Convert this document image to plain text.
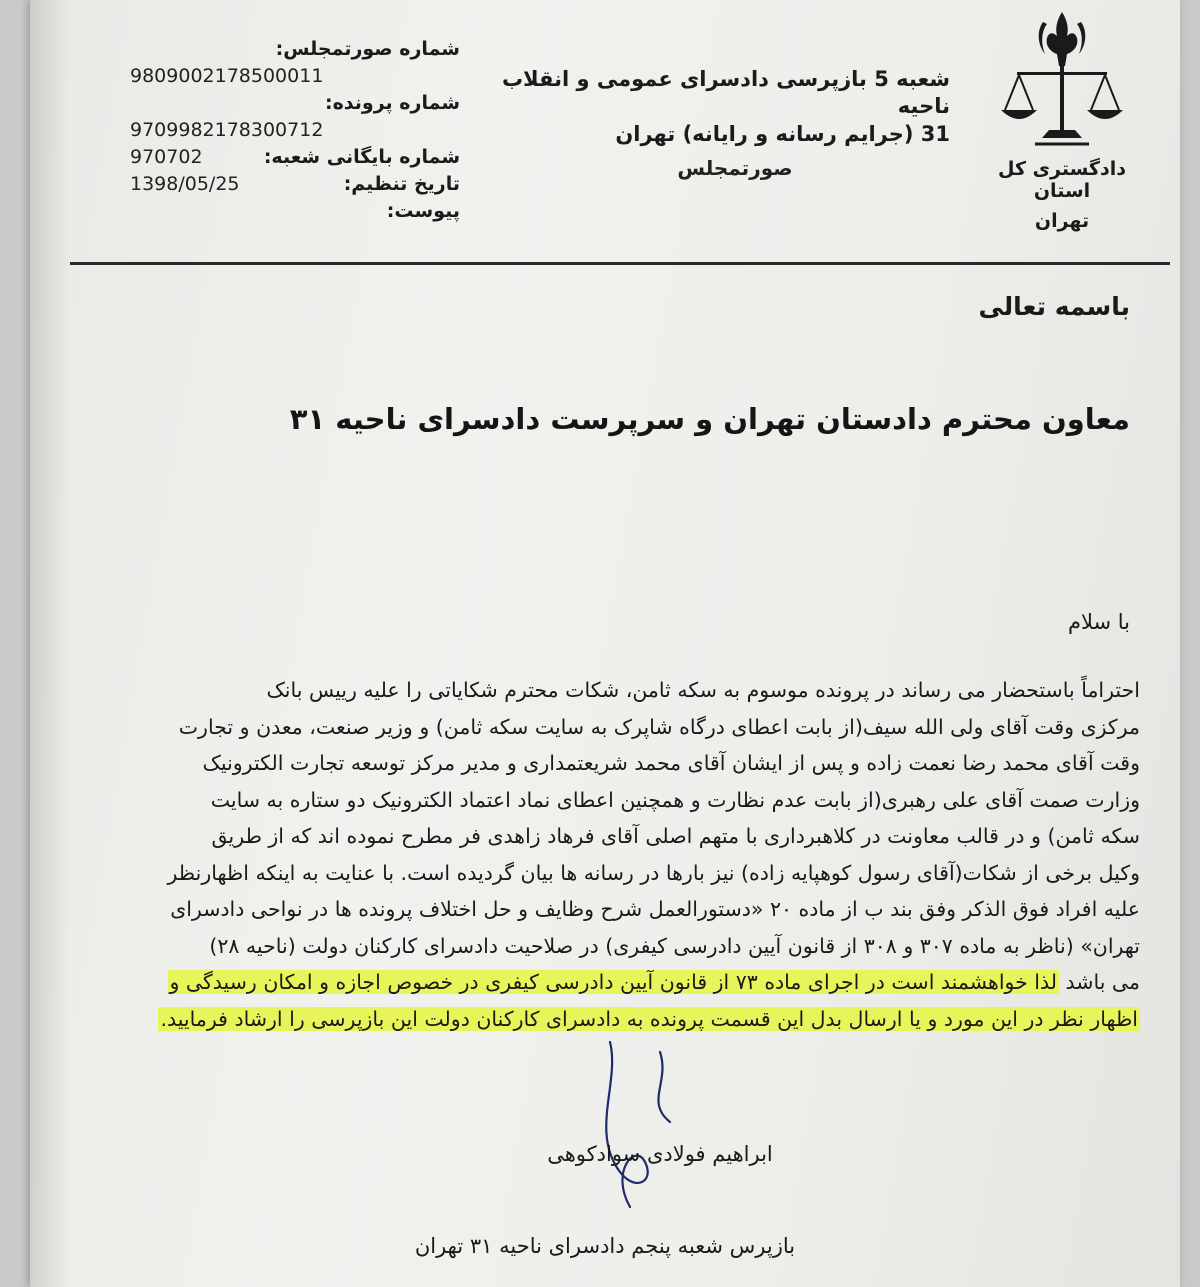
دادگستری کل استان
تهران
شعبه 5 بازپرسی دادسرای عمومی و انقلاب ناحیه
31 (جرایم رسانه و رایانه) تهران
صورتمجلس
شماره صورتمجلس:
9809002178500011
شماره پرونده:
9709982178300712
شماره بایگانی شعبه:
970702
تاریخ تنظیم:
1398/05/25
پیوست:
باسمه تعالی
معاون محترم دادستان تهران و سرپرست دادسرای ناحیه ۳۱
با سلام
احتراماً باستحضار می رساند در پرونده موسوم به سکه ثامن، شکات محترم شکایاتی را علیه رییس بانک
مرکزی وقت آقای ولی الله سیف(از بابت اعطای درگاه شاپرک به سایت سکه ثامن) و وزیر صنعت، معدن و تجارت
وقت آقای محمد رضا نعمت زاده و پس از ایشان آقای محمد شریعتمداری و مدیر مرکز توسعه تجارت الکترونیک
وزارت صمت آقای علی رهبری(از بابت عدم نظارت و همچنین اعطای نماد اعتماد الکترونیک دو ستاره به سایت
سکه ثامن) و در قالب معاونت در کلاهبرداری با متهم اصلی آقای فرهاد زاهدی فر مطرح نموده اند که از طریق
وکیل برخی از شکات(آقای رسول کوهپایه زاده) نیز بارها در رسانه ها بیان گردیده است. با عنایت به اینکه اظهارنظر
علیه افراد فوق الذکر وفق بند ب از ماده ۲۰ «دستورالعمل شرح وظایف و حل اختلاف پرونده ها در نواحی دادسرای
تهران» (ناظر به ماده ۳۰۷ و ۳۰۸ از قانون آیین دادرسی کیفری) در صلاحیت دادسرای کارکنان دولت (ناحیه ۲۸)
می باشد لذا خواهشمند است در اجرای ماده ۷۳ از قانون آیین دادرسی کیفری در خصوص اجازه و امکان رسیدگی و
اظهار نظر در این مورد و یا ارسال بدل این قسمت پرونده به دادسرای کارکنان دولت این بازپرسی را ارشاد فرمایید.
ابراهیم فولادی سوادکوهی
بازپرس شعبه پنجم دادسرای ناحیه ۳۱ تهران
